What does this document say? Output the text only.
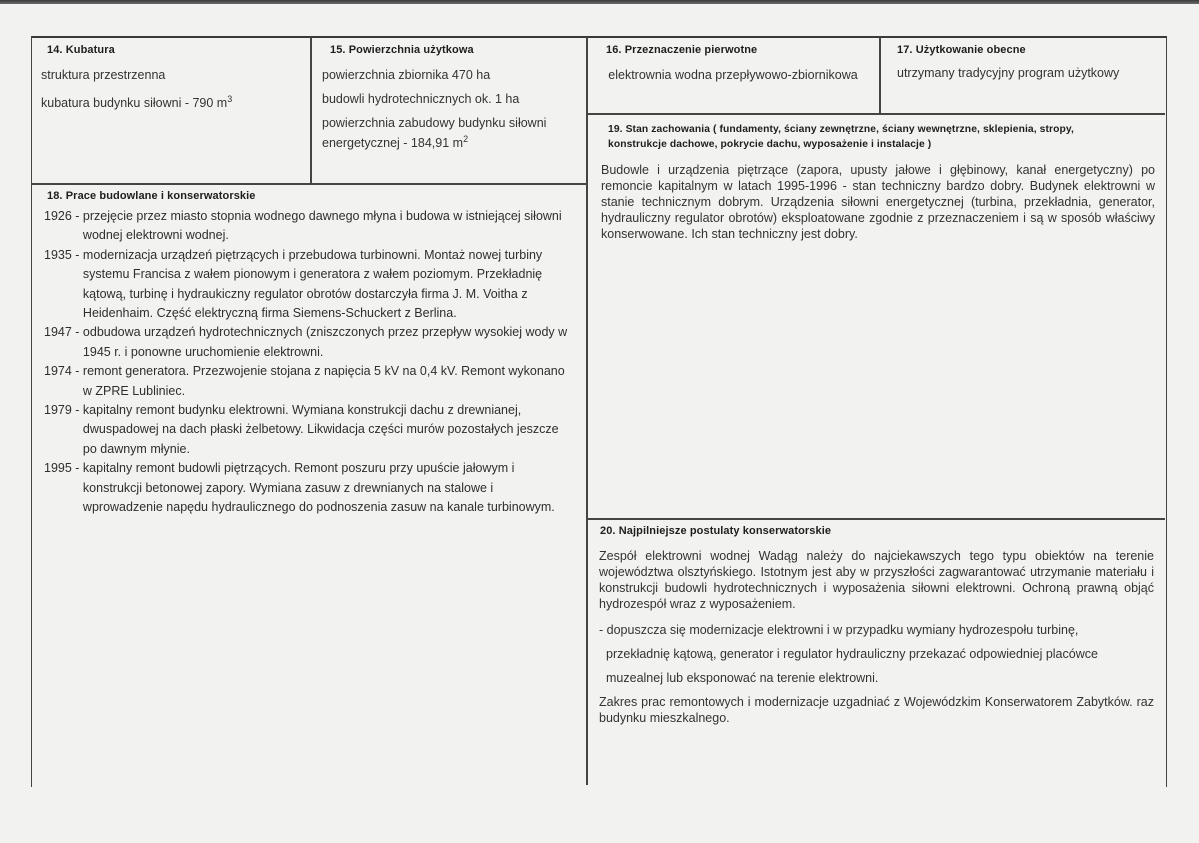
14. Kubatura
struktura przestrzenna
kubatura budynku siłowni - 790 $m^3$
15. Powierzchnia użytkowa
powierzchnia zbiornika 470 ha
budowli hydrotechnicznych ok. 1 ha
powierzchnia zabudowy budynku siłowni energetycznej - 184,91 $m^2$
16. Przeznaczenie pierwotne
elektrownia wodna przepływowo-zbiornikowa
17. Użytkowanie obecne
utrzymany tradycyjny program użytkowy
19. Stan zachowania ( fundamenty, ściany zewnętrzne, ściany wewnętrzne, sklepienia, stropy,
konstrukcje dachowe, pokrycie dachu, wyposażenie i instalacje )
Budowle i urządzenia piętrzące (zapora, upusty jałowe i głębinowy, kanał energetyczny) po remoncie kapitalnym w latach 1995-1996 - stan techniczny bardzo dobry. Budynek elektrowni w stanie technicznym dobrym. Urządzenia siłowni energetycznej (turbina, przekładnia, generator, hydrauliczny regulator obrotów) eksploatowane zgodnie z przeznaczeniem i są w sposób właściwy konserwowane. Ich stan techniczny jest dobry.
18. Prace budowlane i konserwatorskie
1926 - przejęcie przez miasto stopnia wodnego dawnego młyna i budowa w istniejącej siłowni wodnej elektrowni wodnej.
1935 - modernizacja urządzeń piętrzących i przebudowa turbinowni. Montaż nowej turbiny systemu Francisa z wałem pionowym i generatora z wałem poziomym. Przekładnię kątową, turbinę i hydraukiczny regulator obrotów dostarczyła firma J. M. Voitha z Heidenhaim. Część elektryczną firma Siemens-Schuckert z Berlina.
1947 - odbudowa urządzeń hydrotechnicznych (zniszczonych przez przepływ wysokiej wody w 1945 r. i ponowne uruchomienie elektrowni.
1974 - remont generatora. Przezwojenie stojana z napięcia 5 kV na 0,4 kV. Remont wykonano w ZPRE Lubliniec.
1979 - kapitalny remont budynku elektrowni. Wymiana konstrukcji dachu z drewnianej, dwuspadowej na dach płaski żelbetowy. Likwidacja części murów pozostałych jeszcze po dawnym młynie.
1995 - kapitalny remont budowli piętrzących. Remont poszuru przy upuście jałowym i konstrukcji betonowej zapory. Wymiana zasuw z drewnianych na stalowe i wprowadzenie napędu hydraulicznego do podnoszenia zasuw na kanale turbinowym.
20. Najpilniejsze postulaty konserwatorskie
Zespół elektrowni wodnej Wadąg należy do najciekawszych tego typu obiektów na terenie województwa olsztyńskiego. Istotnym jest aby w przyszłości zagwarantować utrzymanie materiału i konstrukcji budowli hydrotechnicznych i wyposażenia siłowni elektrowni. Ochroną prawną objąć hydrozespół wraz z wyposażeniem.
- dopuszcza się modernizacje elektrowni i w przypadku wymiany hydrozespołu turbinę,
przekładnię kątową, generator i regulator hydrauliczny przekazać odpowiedniej placówce
muzealnej lub eksponować na terenie elektrowni.
Zakres prac remontowych i modernizacje uzgadniać z Wojewódzkim Konserwatorem Zabytków. raz budynku mieszkalnego.
